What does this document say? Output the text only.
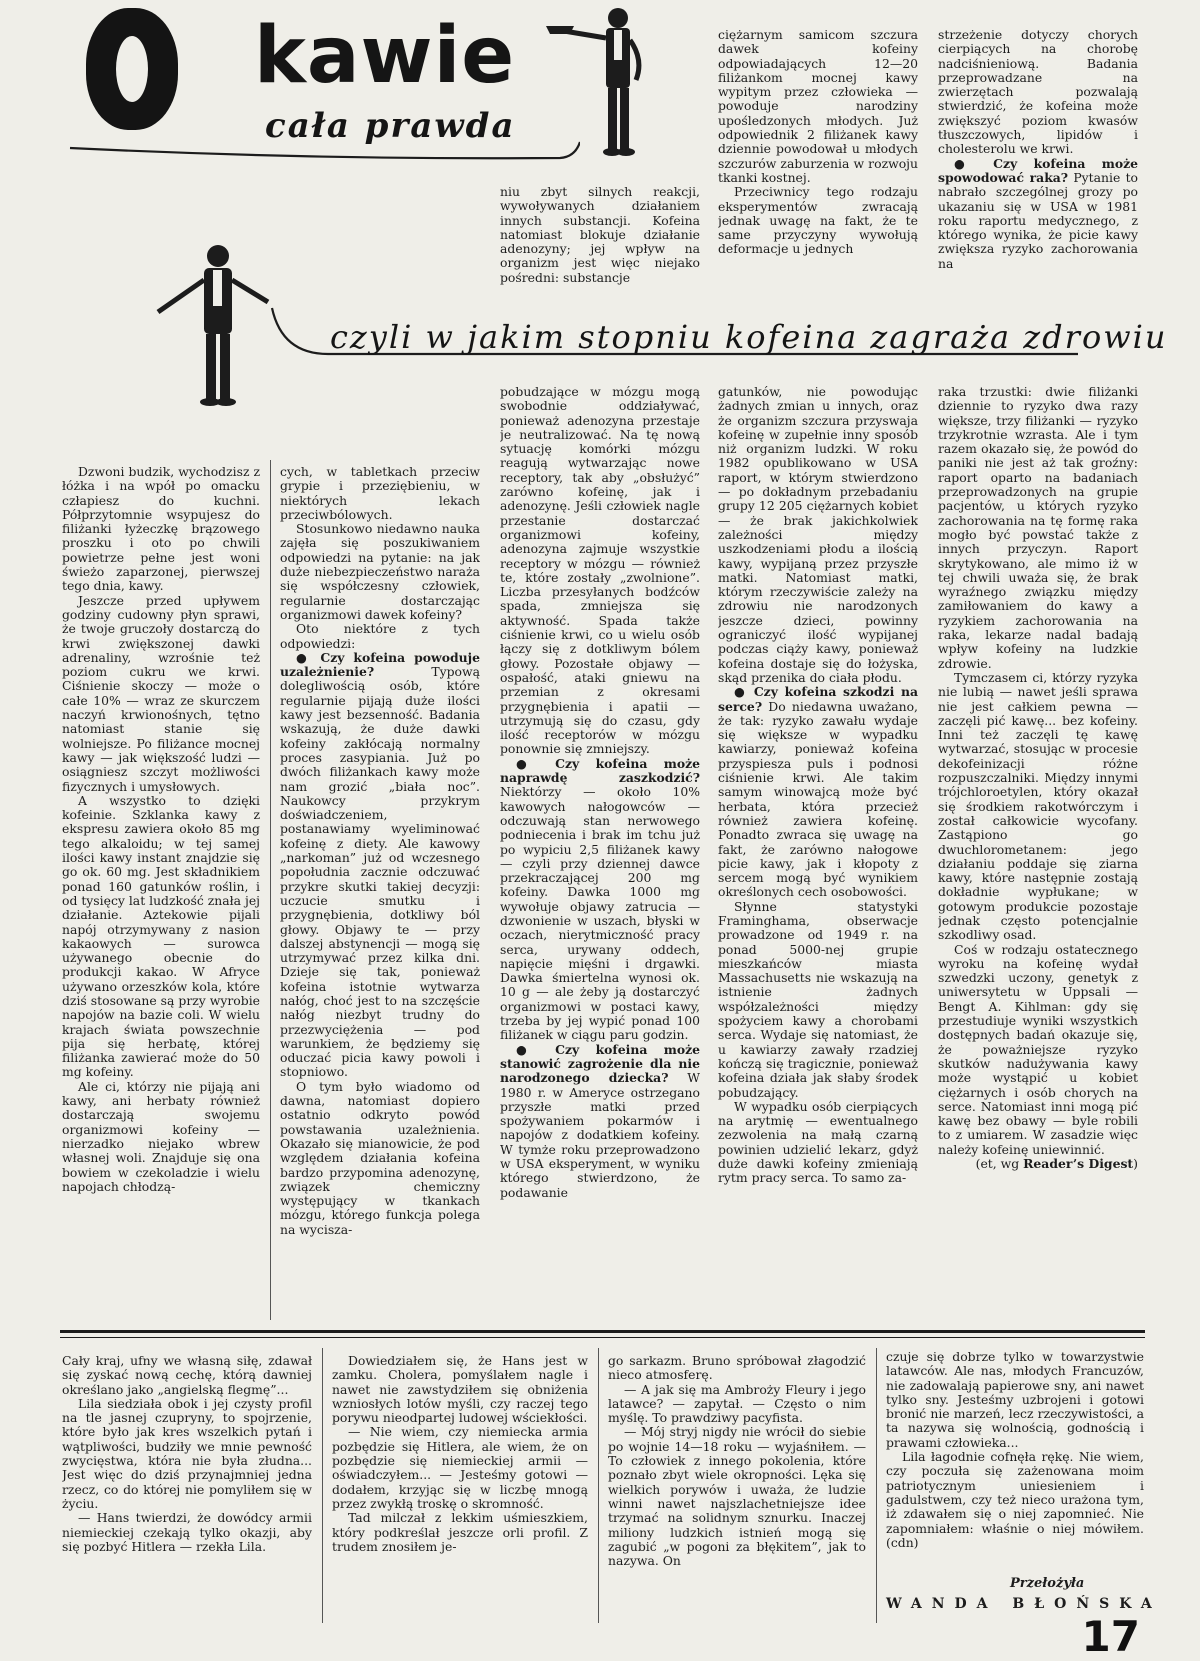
kawie
cała prawda
czyli w jakim stopniu kofeina zagraża zdrowiu

niu zbyt silnych reakcji, wywoływanych działaniem innych substancji. Kofeina natomiast blokuje działanie adenozyny; jej wpływ na organizm jest więc niejako pośredni: substancje

ciężarnym samicom szczura dawek kofeiny odpowiadających 12—20 filiżankom mocnej kawy wypitym przez człowieka — powoduje narodziny upośledzonych młodych. Już odpowiednik 2 filiżanek kawy dziennie powodował u młodych szczurów zaburzenia w rozwoju tkanki kostnej.

Przeciwnicy tego rodzaju eksperymentów zwracają jednak uwagę na fakt, że te same przyczyny wywołują deformacje u jednych

strzeżenie dotyczy chorych cierpiących na chorobę nadciśnieniową. Badania przeprowadzane na zwierzętach pozwalają stwierdzić, że kofeina może zwiększyć poziom kwasów tłuszczowych, lipidów i cholesterolu we krwi.

● Czy kofeina może spowodować raka? Pytanie to nabrało szczególnej grozy po ukazaniu się w USA w 1981 roku raportu medycznego, z którego wynika, że picie kawy zwiększa ryzyko zachorowania na

Dzwoni budzik, wychodzisz z łóżka i na wpół po omacku człapiesz do kuchni. Półprzytomnie wsypujesz do filiżanki łyżeczkę brązowego proszku i oto po chwili powietrze pełne jest woni świeżo zaparzonej, pierwszej tego dnia, kawy.

Jeszcze przed upływem godziny cudowny płyn sprawi, że twoje gruczoły dostarczą do krwi zwiększonej dawki adrenaliny, wzrośnie też poziom cukru we krwi. Ciśnienie skoczy — może o całe 10% — wraz ze skurczem naczyń krwionośnych, tętno natomiast stanie się wolniejsze. Po filiżance mocnej kawy — jak większość ludzi — osiągniesz szczyt możliwości fizycznych i umysłowych.

A wszystko to dzięki kofeinie. Szklanka kawy z ekspresu zawiera około 85 mg tego alkaloidu; w tej samej ilości kawy instant znajdzie się go ok. 60 mg. Jest składnikiem ponad 160 gatunków roślin, i od tysięcy lat ludzkość znała jej działanie. Aztekowie pijali napój otrzymywany z nasion kakaowych — surowca używanego obecnie do produkcji kakao. W Afryce używano orzeszków kola, które dziś stosowane są przy wyrobie napojów na bazie coli. W wielu krajach świata powszechnie pija się herbatę, której filiżanka zawierać może do 50 mg kofeiny.

Ale ci, którzy nie pijają ani kawy, ani herbaty również dostarczają swojemu organizmowi kofeiny — nierzadko niejako wbrew własnej woli. Znajduje się ona bowiem w czekoladzie i wielu napojach chłodzą-

cych, w tabletkach przeciw grypie i przeziębieniu, w niektórych lekach przeciwbólowych.

Stosunkowo niedawno nauka zajęła się poszukiwaniem odpowiedzi na pytanie: na jak duże niebezpieczeństwo naraża się współczesny człowiek, regularnie dostarczając organizmowi dawek kofeiny?

Oto niektóre z tych odpowiedzi:

● Czy kofeina powoduje uzależnienie? Typową dolegliwością osób, które regularnie pijają duże ilości kawy jest bezsenność. Badania wskazują, że duże dawki kofeiny zakłócają normalny proces zasypiania. Już po dwóch filiżankach kawy może nam grozić „biała noc”. Naukowcy przykrym doświadczeniem, postanawiamy wyeliminować kofeinę z diety. Ale kawowy „narkoman” już od wczesnego popołudnia zacznie odczuwać przykre skutki takiej decyzji: uczucie smutku i przygnębienia, dotkliwy ból głowy. Objawy te — przy dalszej abstynencji — mogą się utrzymywać przez kilka dni. Dzieje się tak, ponieważ kofeina istotnie wytwarza nałóg, choć jest to na szczęście nałóg niezbyt trudny do przezwyciężenia — pod warunkiem, że będziemy się oduczać picia kawy powoli i stopniowo.

O tym było wiadomo od dawna, natomiast dopiero ostatnio odkryto powód powstawania uzależnienia. Okazało się mianowicie, że pod względem działania kofeina bardzo przypomina adenozynę, związek chemiczny występujący w tkankach mózgu, którego funkcja polega na wycisza-

pobudzające w mózgu mogą swobodnie oddziaływać, ponieważ adenozyna przestaje je neutralizować. Na tę nową sytuację komórki mózgu reagują wytwarzając nowe receptory, tak aby „obsłużyć” zarówno kofeinę, jak i adenozynę. Jeśli człowiek nagle przestanie dostarczać organizmowi kofeiny, adenozyna zajmuje wszystkie receptory w mózgu — również te, które zostały „zwolnione”. Liczba przesyłanych bodźców spada, zmniejsza się aktywność. Spada także ciśnienie krwi, co u wielu osób łączy się z dotkliwym bólem głowy. Pozostałe objawy — ospałość, ataki gniewu na przemian z okresami przygnębienia i apatii — utrzymują się do czasu, gdy ilość receptorów w mózgu ponownie się zmniejszy.

● Czy kofeina może naprawdę zaszkodzić? Niektórzy — około 10% kawowych nałogowców — odczuwają stan nerwowego podniecenia i brak im tchu już po wypiciu 2,5 filiżanek kawy — czyli przy dziennej dawce przekraczającej 200 mg kofeiny. Dawka 1000 mg wywołuje objawy zatrucia — dzwonienie w uszach, błyski w oczach, nierytmiczność pracy serca, urywany oddech, napięcie mięśni i drgawki. Dawka śmiertelna wynosi ok. 10 g — ale żeby ją dostarczyć organizmowi w postaci kawy, trzeba by jej wypić ponad 100 filiżanek w ciągu paru godzin.

● Czy kofeina może stanowić zagrożenie dla nie narodzonego dziecka? W 1980 r. w Ameryce ostrzegano przyszłe matki przed spożywaniem pokarmów i napojów z dodatkiem kofeiny. W tymże roku przeprowadzono w USA eksperyment, w wyniku którego stwierdzono, że podawanie

gatunków, nie powodując żadnych zmian u innych, oraz że organizm szczura przyswaja kofeinę w zupełnie inny sposób niż organizm ludzki. W roku 1982 opublikowano w USA raport, w którym stwierdzono — po dokładnym przebadaniu grupy 12 205 ciężarnych kobiet — że brak jakichkolwiek zależności między uszkodzeniami płodu a ilością kawy, wypijaną przez przyszłe matki. Natomiast matki, którym rzeczywiście zależy na zdrowiu nie narodzonych jeszcze dzieci, powinny ograniczyć ilość wypijanej podczas ciąży kawy, ponieważ kofeina dostaje się do łożyska, skąd przenika do ciała płodu.

● Czy kofeina szkodzi na serce? Do niedawna uważano, że tak: ryzyko zawału wydaje się większe w wypadku kawiarzy, ponieważ kofeina przyspiesza puls i podnosi ciśnienie krwi. Ale takim samym winowajcą może być herbata, która przecież również zawiera kofeinę. Ponadto zwraca się uwagę na fakt, że zarówno nałogowe picie kawy, jak i kłopoty z sercem mogą być wynikiem określonych cech osobowości.

Słynne statystyki Framinghama, obserwacje prowadzone od 1949 r. na ponad 5000-nej grupie mieszkańców miasta Massachusetts nie wskazują na istnienie żadnych współzależności między spożyciem kawy a chorobami serca. Wydaje się natomiast, że u kawiarzy zawały rzadziej kończą się tragicznie, ponieważ kofeina działa jak słaby środek pobudzający.

W wypadku osób cierpiących na arytmię — ewentualnego zezwolenia na małą czarną powinien udzielić lekarz, gdyż duże dawki kofeiny zmieniają rytm pracy serca. To samo za-

raka trzustki: dwie filiżanki dziennie to ryzyko dwa razy większe, trzy filiżanki — ryzyko trzykrotnie wzrasta. Ale i tym razem okazało się, że powód do paniki nie jest aż tak groźny: raport oparto na badaniach przeprowadzonych na grupie pacjentów, u których ryzyko zachorowania na tę formę raka mogło być powstać także z innych przyczyn. Raport skrytykowano, ale mimo iż w tej chwili uważa się, że brak wyraźnego związku między zamiłowaniem do kawy a ryzykiem zachorowania na raka, lekarze nadal badają wpływ kofeiny na ludzkie zdrowie.

Tymczasem ci, którzy ryzyka nie lubią — nawet jeśli sprawa nie jest całkiem pewna — zaczęli pić kawę... bez kofeiny. Inni też zaczęli tę kawę wytwarzać, stosując w procesie dekofeinizacji różne rozpuszczalniki. Między innymi trójchloroetylen, który okazał się środkiem rakotwórczym i został całkowicie wycofany. Zastąpiono go dwuchlorometanem: jego działaniu poddaje się ziarna kawy, które następnie zostają dokładnie wypłukane; w gotowym produkcie pozostaje jednak często potencjalnie szkodliwy osad.

Coś w rodzaju ostatecznego wyroku na kofeinę wydał szwedzki uczony, genetyk z uniwersytetu w Uppsali — Bengt A. Kihlman: gdy się przestudiuje wyniki wszystkich dostępnych badań okazuje się, że poważniejsze ryzyko skutków nadużywania kawy może wystąpić u kobiet ciężarnych i osób chorych na serce. Natomiast inni mogą pić kawę bez obawy — byle robili to z umiarem. W zasadzie więc należy kofeinę uniewinnić.

(et, wg Reader’s Digest)

Cały kraj, ufny we własną siłę, zdawał się zyskać nową cechę, którą dawniej określano jako „angielską flegmę”...

Lila siedziała obok i jej czysty profil na tle jasnej czupryny, to spojrzenie, które było jak kres wszelkich pytań i wątpliwości, budziły we mnie pewność zwycięstwa, która nie była złudna... Jest więc do dziś przynajmniej jedna rzecz, co do której nie pomyliłem się w życiu.

— Hans twierdzi, że dowódcy armii niemieckiej czekają tylko okazji, aby się pozbyć Hitlera — rzekła Lila.

Dowiedziałem się, że Hans jest w zamku. Cholera, pomyślałem nagle i nawet nie zawstydziłem się obniżenia wzniosłych lotów myśli, czy raczej tego porywu nieodpartej ludowej wściekłości.

— Nie wiem, czy niemiecka armia pozbędzie się Hitlera, ale wiem, że on pozbędzie się niemieckiej armii — oświadczyłem... — Jesteśmy gotowi — dodałem, krzyjąc się w liczbę mnogą przez zwykłą troskę o skromność.

Tad milczał z lekkim uśmieszkiem, który podkreślał jeszcze orli profil. Z trudem znosiłem je-

go sarkazm. Bruno spróbował złagodzić nieco atmosferę.

— A jak się ma Ambroży Fleury i jego latawce? — zapytał. — Często o nim myślę. To prawdziwy pacyfista.

— Mój stryj nigdy nie wrócił do siebie po wojnie 14—18 roku — wyjaśniłem. — To człowiek z innego pokolenia, które poznało zbyt wiele okropności. Lęka się wielkich porywów i uważa, że ludzie winni nawet najszlachetniejsze idee trzymać na solidnym sznurku. Inaczej miliony ludzkich istnień mogą się zagubić „w pogoni za błękitem”, jak to nazywa. On

czuje się dobrze tylko w towarzystwie latawców. Ale nas, młodych Francuzów, nie zadowalają papierowe sny, ani nawet tylko sny. Jesteśmy uzbrojeni i gotowi bronić nie marzeń, lecz rzeczywistości, a ta nazywa się wolnością, godnością i prawami człowieka...

Lila łagodnie cofnęła rękę. Nie wiem, czy poczuła się zażenowana moim patriotycznym uniesieniem i gadulstwem, czy też nieco urażona tym, iż zdawałem się o niej zapomnieć. Nie zapomniałem: właśnie o niej mówiłem. (cdn)

Przełożyła
WANDA BŁOŃSKA
17
